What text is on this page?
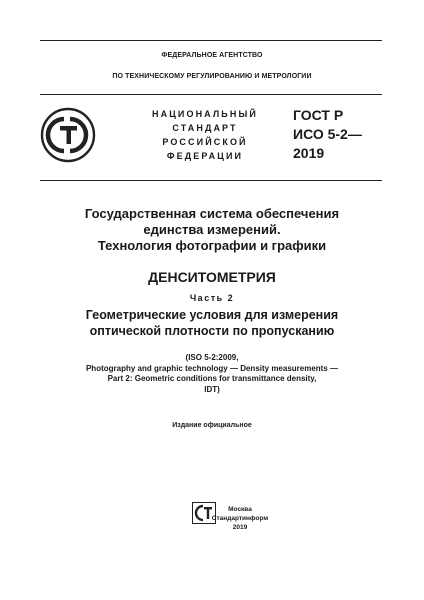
ФЕДЕРАЛЬНОЕ АГЕНТСТВО
ПО ТЕХНИЧЕСКОМУ РЕГУЛИРОВАНИЮ И МЕТРОЛОГИИ
НАЦИОНАЛЬНЫЙ
СТАНДАРТ
РОССИЙСКОЙ
ФЕДЕРАЦИИ
ГОСТ Р
ИСО 5-2—
2019
Государственная система обеспечения
единства измерений.
Технология фотографии и графики
ДЕНСИТОМЕТРИЯ
Часть 2
Геометрические условия для измерения
оптической плотности по пропусканию
(ISO 5-2:2009,
Photography and graphic technology — Density measurements —
Part 2: Geometric conditions for transmittance density,
IDT)
Издание официальное
Москва
Стандартинформ
2019
